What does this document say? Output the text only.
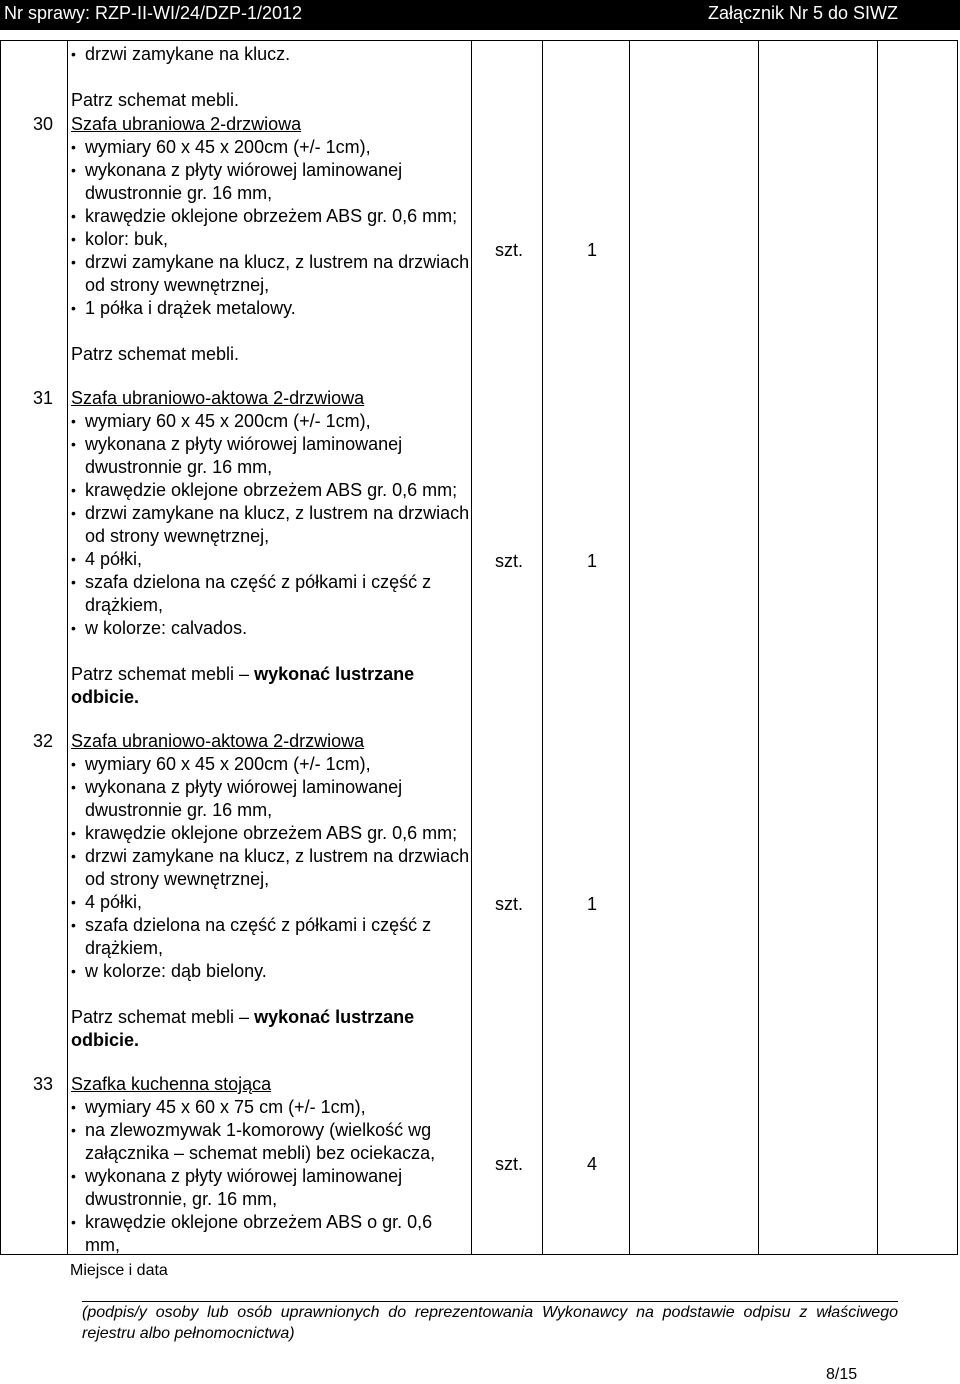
Nr sprawy: RZP-II-WI/24/DZP-1/2012	Załącznik Nr 5 do SIWZ
• drzwi zamykane na klucz.
Patrz schemat mebli.
30 Szafa ubraniowa 2-drzwiowa
• wymiary 60 x 45 x 200cm (+/- 1cm),
• wykonana z płyty wiórowej laminowanej dwustronnie gr. 16 mm,
• krawędzie oklejone obrzeżem ABS gr. 0,6 mm;
• kolor: buk,
• drzwi zamykane na klucz, z lustrem na drzwiach od strony wewnętrznej,
• 1 półka i drążek metalowy.
Patrz schemat mebli.
szt.	1
31 Szafa ubraniowo-aktowa 2-drzwiowa
• wymiary 60 x 45 x 200cm (+/- 1cm),
• wykonana z płyty wiórowej laminowanej dwustronnie gr. 16 mm,
• krawędzie oklejone obrzeżem ABS gr. 0,6 mm;
• drzwi zamykane na klucz, z lustrem na drzwiach od strony wewnętrznej,
• 4 półki,
• szafa dzielona na część z półkami i część z drążkiem,
• w kolorze: calvados.
Patrz schemat mebli – wykonać lustrzane odbicie.
szt.	1
32 Szafa ubraniowo-aktowa 2-drzwiowa
• wymiary 60 x 45 x 200cm (+/- 1cm),
• wykonana z płyty wiórowej laminowanej dwustronnie gr. 16 mm,
• krawędzie oklejone obrzeżem ABS gr. 0,6 mm;
• drzwi zamykane na klucz, z lustrem na drzwiach od strony wewnętrznej,
• 4 półki,
• szafa dzielona na część z półkami i część z drążkiem,
• w kolorze: dąb bielony.
Patrz schemat mebli – wykonać lustrzane odbicie.
szt.	1
33 Szafka kuchenna stojąca
• wymiary 45 x 60 x 75 cm (+/- 1cm),
• na zlewozmywak 1-komorowy (wielkość wg załącznika – schemat mebli) bez ociekacza,
• wykonana z płyty wiórowej laminowanej dwustronnie, gr. 16 mm,
• krawędzie oklejone obrzeżem ABS o gr. 0,6 mm,
szt.	4
Miejsce i data
(podpis/y osoby lub osób uprawnionych do reprezentowania Wykonawcy na podstawie odpisu z właściwego rejestru albo pełnomocnictwa)
8/15
